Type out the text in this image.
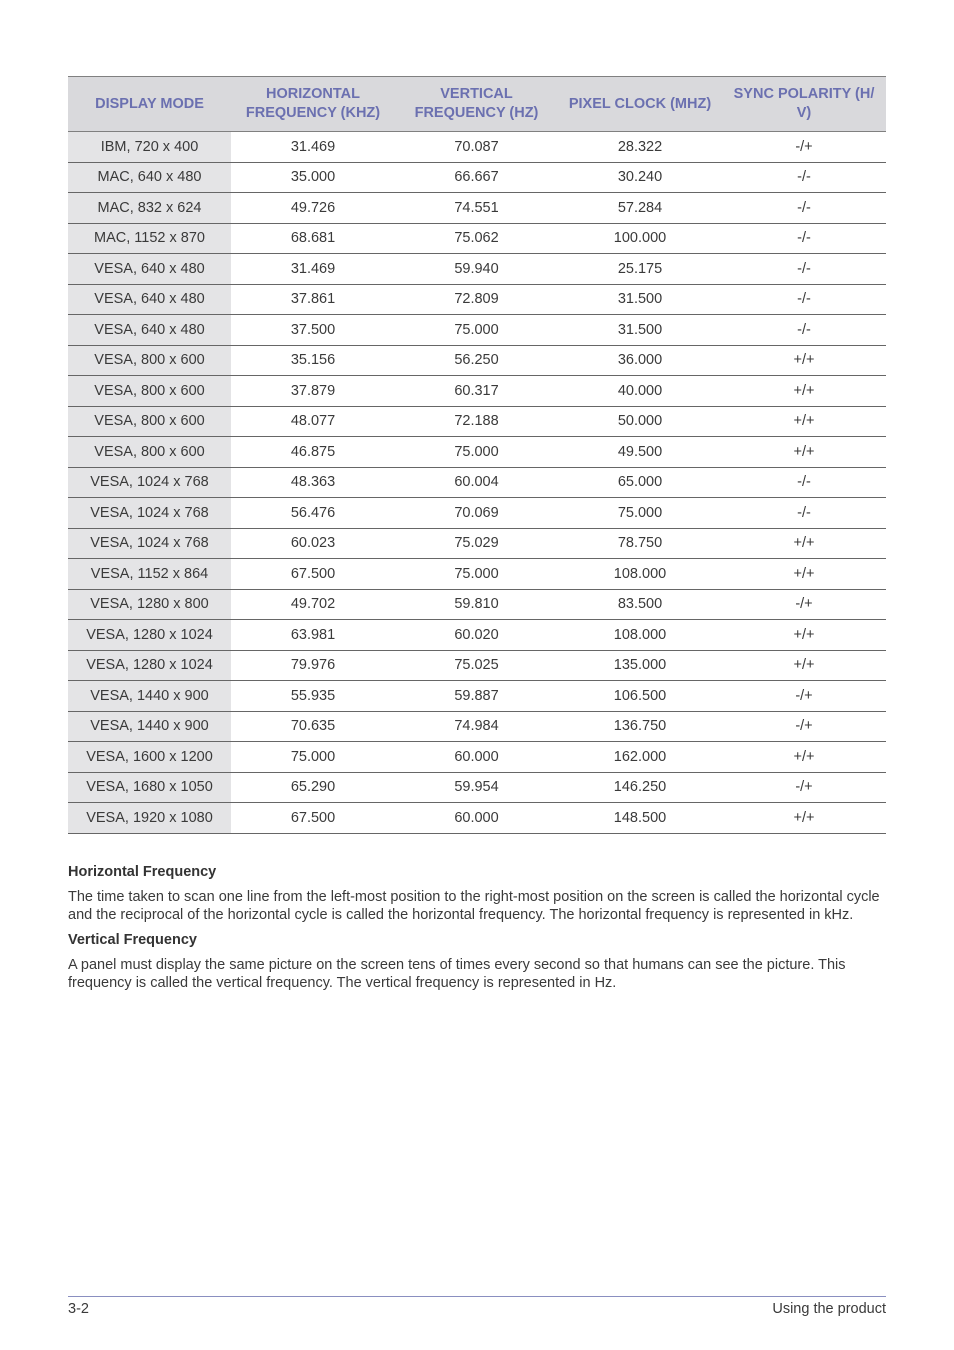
DISPLAY MODE	HORIZONTAL FREQUENCY (KHZ)	VERTICAL FREQUENCY (HZ)	PIXEL CLOCK (MHZ)	SYNC POLARITY (H/ V)
IBM, 720 x 400	31.469	70.087	28.322	-/+
MAC, 640 x 480	35.000	66.667	30.240	-/-
MAC, 832 x 624	49.726	74.551	57.284	-/-
MAC, 1152 x 870	68.681	75.062	100.000	-/-
VESA, 640 x 480	31.469	59.940	25.175	-/-
VESA, 640 x 480	37.861	72.809	31.500	-/-
VESA, 640 x 480	37.500	75.000	31.500	-/-
VESA, 800 x 600	35.156	56.250	36.000	+/+
VESA, 800 x 600	37.879	60.317	40.000	+/+
VESA, 800 x 600	48.077	72.188	50.000	+/+
VESA, 800 x 600	46.875	75.000	49.500	+/+
VESA, 1024 x 768	48.363	60.004	65.000	-/-
VESA, 1024 x 768	56.476	70.069	75.000	-/-
VESA, 1024 x 768	60.023	75.029	78.750	+/+
VESA, 1152 x 864	67.500	75.000	108.000	+/+
VESA, 1280 x 800	49.702	59.810	83.500	-/+
VESA, 1280 x 1024	63.981	60.020	108.000	+/+
VESA, 1280 x 1024	79.976	75.025	135.000	+/+
VESA, 1440 x 900	55.935	59.887	106.500	-/+
VESA, 1440 x 900	70.635	74.984	136.750	-/+
VESA, 1600 x 1200	75.000	60.000	162.000	+/+
VESA, 1680 x 1050	65.290	59.954	146.250	-/+
VESA, 1920 x 1080	67.500	60.000	148.500	+/+
Horizontal Frequency

The time taken to scan one line from the left-most position to the right-most position on the screen is called the horizontal cycle and the reciprocal of the horizontal cycle is called the horizontal frequency. The horizontal frequency is represented in kHz.

Vertical Frequency

A panel must display the same picture on the screen tens of times every second so that humans can see the picture. This frequency is called the vertical frequency. The vertical frequency is represented in Hz.

3-2	Using the product
